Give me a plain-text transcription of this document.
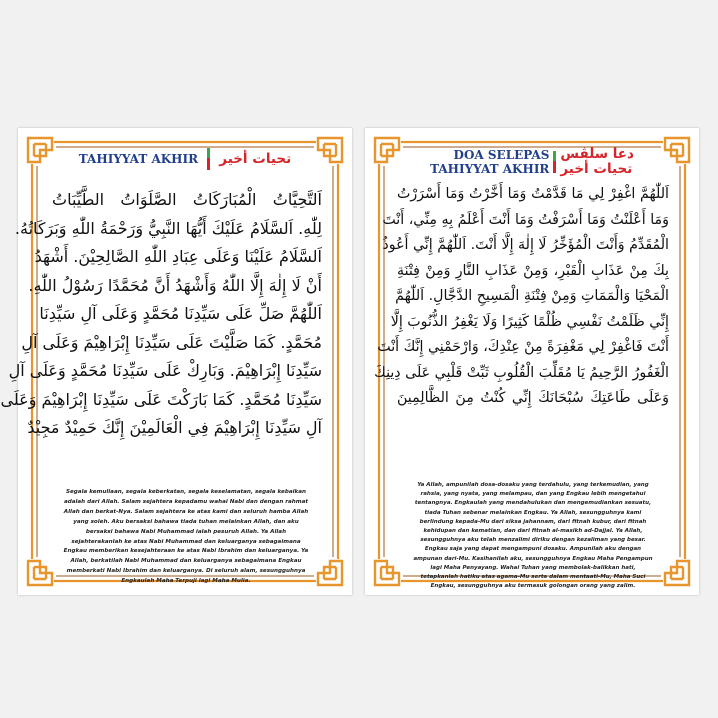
TAHIYYAT AKHIR تحيات أخير
اَلتَّحِيَّاتُ الْمُبَارَكَاتُ الصَّلَوَاتُ الطَّيِّبَاتُ
لِلّٰهِ. اَلسَّلَامُ عَلَيْكَ أَيُّهَا النَّبِيُّ وَرَحْمَةُ اللّٰهِ وَبَرَكَاتُهُ.
اَلسَّلَامُ عَلَيْنَا وَعَلَى عِبَادِ اللّٰهِ الصَّالِحِيْنَ. أَشْهَدُ
أَنْ لَا إِلٰهَ إِلَّا اللّٰهُ وَأَشْهَدُ أَنَّ مُحَمَّدًا رَسُوْلُ اللّٰهِ.
اَللّٰهُمَّ صَلِّ عَلَى سَيِّدِنَا مُحَمَّدٍ وَعَلَى آلِ سَيِّدِنَا
مُحَمَّدٍ. كَمَا صَلَّيْتَ عَلَى سَيِّدِنَا إِبْرَاهِيْمَ وَعَلَى آلِ
سَيِّدِنَا إِبْرَاهِيْمَ. وَبَارِكْ عَلَى سَيِّدِنَا مُحَمَّدٍ وَعَلَى آلِ
سَيِّدِنَا مُحَمَّدٍ. كَمَا بَارَكْتَ عَلَى سَيِّدِنَا إِبْرَاهِيْمَ وَعَلَى
آلِ سَيِّدِنَا إِبْرَاهِيْمَ فِي الْعَالَمِيْنَ إِنَّكَ حَمِيْدٌ مَجِيْدٌ
Segala kemuliaan, segala keberkatan, segala keselamatan, segala kebaikan
adalah dari Allah. Salam sejahtera kepadamu wahai Nabi dan dengan rahmat
Allah dan berkat-Nya. Salam sejahtera ke atas kami dan seluruh hamba Allah
yang soleh. Aku bersaksi bahawa tiada tuhan melainkan Allah, dan aku
bersaksi bahawa Nabi Muhammad ialah pesuruh Allah. Ya Allah
sejahterakanlah ke atas Nabi Muhammad dan keluarganya sebagaimana
Engkau memberikan kesejahteraan ke atas Nabi Ibrahim dan keluarganya. Ya
Allah, berkatilah Nabi Muhammad dan keluarganya sebagaimana Engkau
memberkati Nabi Ibrahim dan keluarganya. Di seluruh alam, sesungguhnya
Engkaulah Maha Terpuji lagi Maha Mulia.
DOA SELEPAS
TAHIYYAT AKHIR
دعا سلڤس
تحيات أخير
اَللّٰهُمَّ اغْفِرْ لِي مَا قَدَّمْتُ وَمَا أَخَّرْتُ وَمَا أَسْرَرْتُ
وَمَا أَعْلَنْتُ وَمَا أَسْرَفْتُ وَمَا أَنْتَ أَعْلَمُ بِهِ مِنِّي، أَنْتَ
الْمُقَدِّمُ وَأَنْتَ الْمُؤَخِّرُ لَا إِلٰهَ إِلَّا أَنْتَ. اَللّٰهُمَّ إِنِّي أَعُوذُ
بِكَ مِنْ عَذَابِ الْقَبْرِ، وَمِنْ عَذَابِ النَّارِ وَمِنْ فِتْنَةِ
الْمَحْيَا وَالْمَمَاتِ وَمِنْ فِتْنَةِ الْمَسِيحِ الدَّجَّالِ. اَللّٰهُمَّ
إِنِّي ظَلَمْتُ نَفْسِي ظُلْمًا كَثِيرًا وَلَا يَغْفِرُ الذُّنُوبَ إِلَّا
أَنْتَ فَاغْفِرْ لِي مَغْفِرَةً مِنْ عِنْدِكَ، وَارْحَمْنِي إِنَّكَ أَنْتَ
الْغَفُورُ الرَّحِيمُ يَا مُقَلِّبَ الْقُلُوبِ ثَبِّتْ قَلْبِي عَلَى دِينِكَ
وَعَلَى طَاعَتِكَ سُبْحَانَكَ إِنِّي كُنْتُ مِنَ الظَّالِمِينَ
Ya Allah, ampunilah dosa-dosaku yang terdahulu, yang terkemudian, yang
rahsia, yang nyata, yang melampau, dan yang Engkau lebih mengetahui
tentangnya. Engkaulah yang mendahulukan dan mengemudiankan sesuatu,
tiada Tuhan sebenar melainkan Engkau. Ya Allah, sesungguhnya kami
berlindung kepada-Mu dari siksa jahannam, dari fitnah kubur, dari fitnah
kehidupan dan kematian, dan dari fitnah al-masikh ad-Dajjal. Ya Allah,
sesungguhnya aku telah menzalimi diriku dengan kezaliman yang besar.
Engkau saja yang dapat mengampuni dosaku. Ampunilah aku dengan
ampunan dari-Mu. Kasihanilah aku, sesungguhnya Engkau Maha Pengampun
lagi Maha Penyayang. Wahai Tuhan yang membolak-balikkan hati,
tetapkanlah hatiku atas agama-Mu serta dalam mentaati-Mu, Maha Suci
Engkau, sesungguhnya aku termasuk golongan orang yang zalim.
